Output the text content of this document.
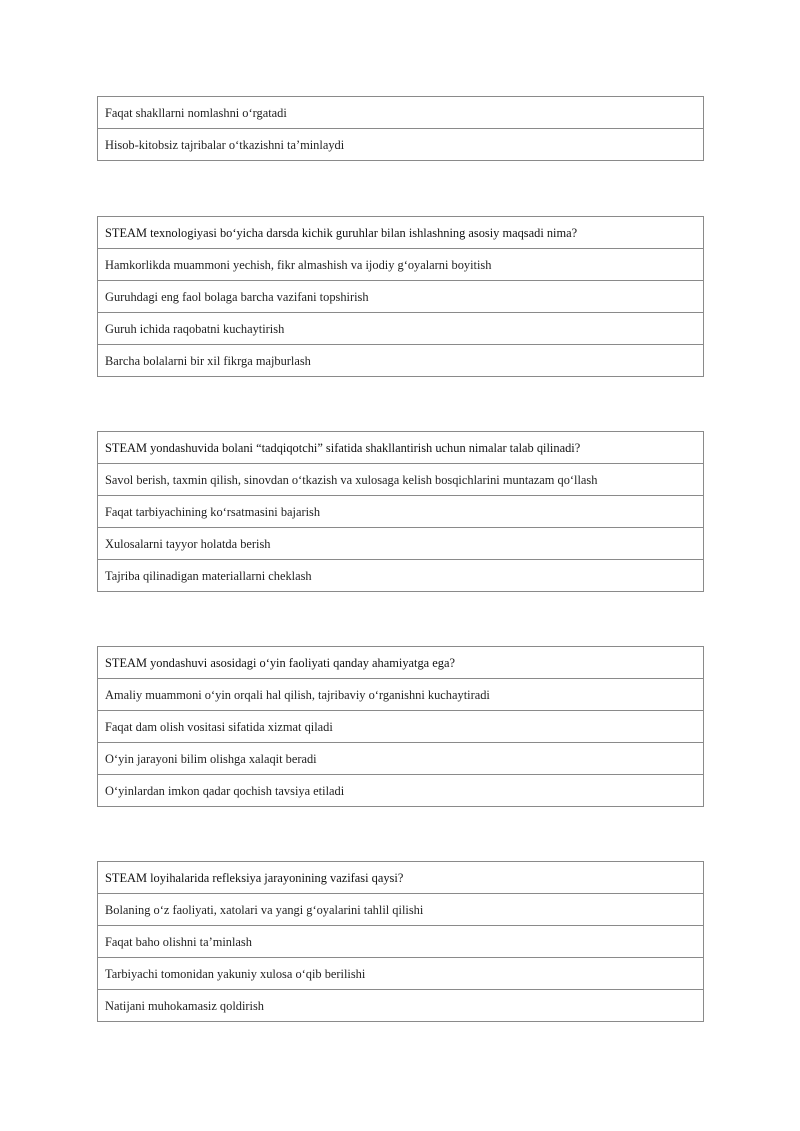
Faqat shakllarni nomlashni oʻrgatadi
Hisob-kitobsiz tajribalar oʻtkazishni ta’minlaydi
STEAM texnologiyasi boʻyicha darsda kichik guruhlar bilan ishlashning asosiy maqsadi nima?
Hamkorlikda muammoni yechish, fikr almashish va ijodiy gʻoyalarni boyitish
Guruhdagi eng faol bolaga barcha vazifani topshirish
Guruh ichida raqobatni kuchaytirish
Barcha bolalarni bir xil fikrga majburlash
STEAM yondashuvida bolani “tadqiqotchi” sifatida shakllantirish uchun nimalar talab qilinadi?
Savol berish, taxmin qilish, sinovdan oʻtkazish va xulosaga kelish bosqichlarini muntazam qoʻllash
Faqat tarbiyachining koʻrsatmasini bajarish
Xulosalarni tayyor holatda berish
Tajriba qilinadigan materiallarni cheklash
STEAM yondashuvi asosidagi oʻyin faoliyati qanday ahamiyatga ega?
Amaliy muammoni oʻyin orqali hal qilish, tajribaviy oʻrganishni kuchaytiradi
Faqat dam olish vositasi sifatida xizmat qiladi
Oʻyin jarayoni bilim olishga xalaqit beradi
Oʻyinlardan imkon qadar qochish tavsiya etiladi
STEAM loyihalarida refleksiya jarayonining vazifasi qaysi?
Bolaning oʻz faoliyati, xatolari va yangi gʻoyalarini tahlil qilishi
Faqat baho olishni ta’minlash
Tarbiyachi tomonidan yakuniy xulosa oʻqib berilishi
Natijani muhokamasiz qoldirish
